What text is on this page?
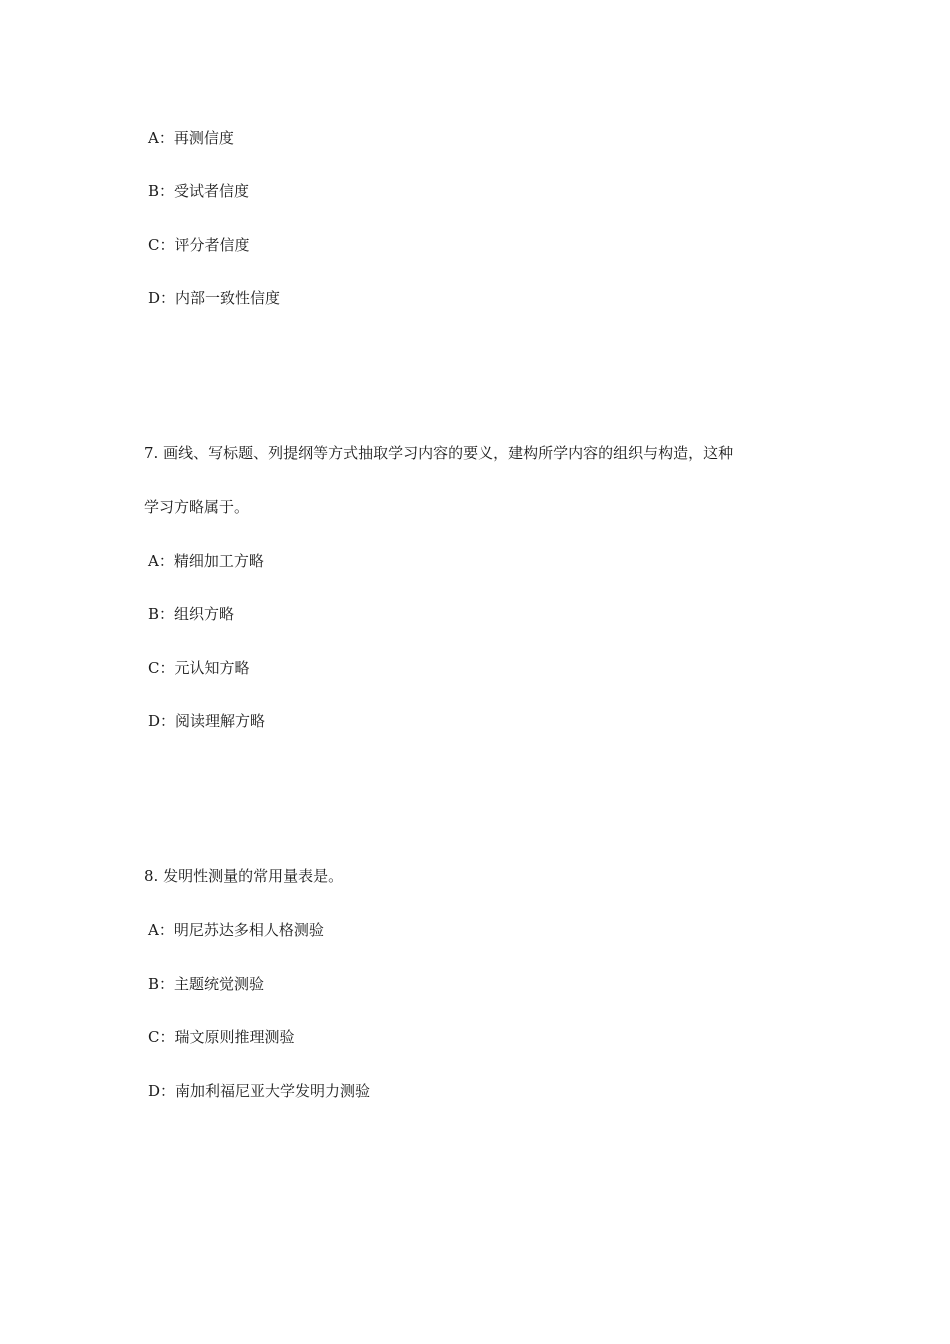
A：再测信度
B：受试者信度
C：评分者信度
D：内部一致性信度
7. 画线、写标题、列提纲等方式抽取学习内容的要义，建构所学内容的组织与构造，这种
学习方略属于。
A：精细加工方略
B：组织方略
C：元认知方略
D：阅读理解方略
8. 发明性测量的常用量表是。
A：明尼苏达多相人格测验
B：主题统觉测验
C：瑞文原则推理测验
D：南加利福尼亚大学发明力测验
